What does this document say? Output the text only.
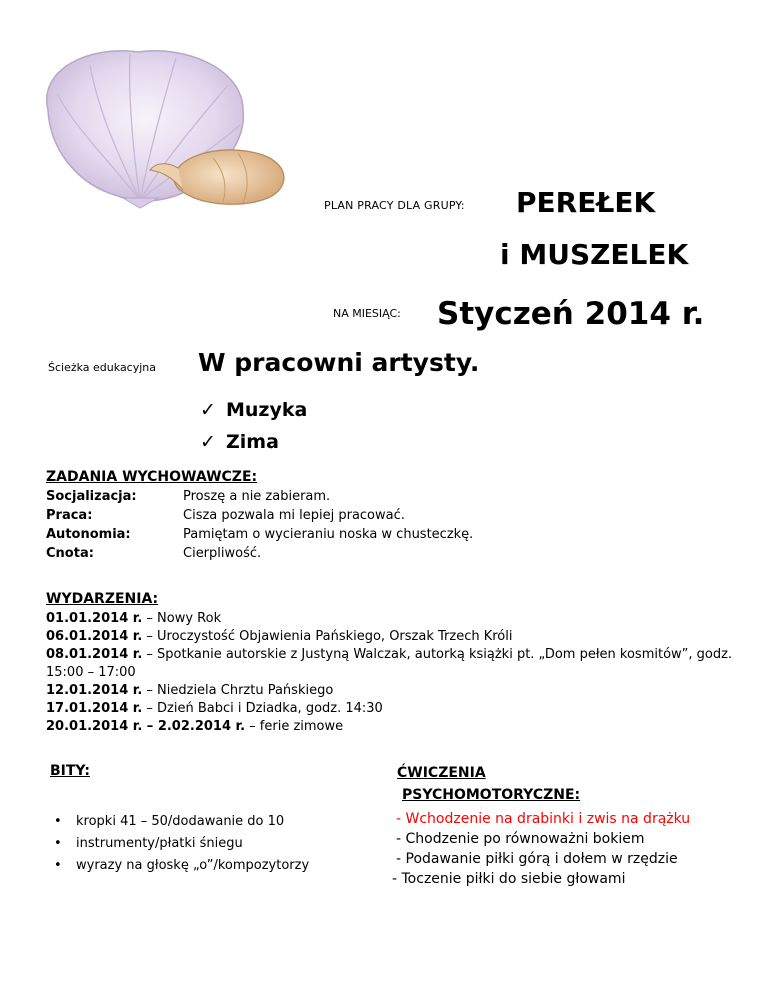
PLAN PRACY DLA GRUPY: PEREŁEK
i MUSZELEK
NA MIESIĄC: Styczeń 2014 r.
Ścieżka edukacyjna W pracowni artysty.
✓ Muzyka
✓ Zima
ZADANIA WYCHOWAWCZE:
Socjalizacja:	Proszę a nie zabieram.
Praca:	Cisza pozwala mi lepiej pracować.
Autonomia:	Pamiętam o wycieraniu noska w chusteczkę.
Cnota:	Cierpliwość.
WYDARZENIA:
01.01.2014 r. – Nowy Rok
06.01.2014 r. – Uroczystość Objawienia Pańskiego, Orszak Trzech Króli
08.01.2014 r. – Spotkanie autorskie z Justyną Walczak, autorką książki pt. „Dom pełen kosmitów”, godz. 15:00 – 17:00
12.01.2014 r. – Niedziela Chrztu Pańskiego
17.01.2014 r. – Dzień Babci i Dziadka, godz. 14:30
20.01.2014 r. – 2.02.2014 r. – ferie zimowe
BITY:
• kropki 41 – 50/dodawanie do 10
• instrumenty/płatki śniegu
• wyrazy na głoskę „o”/kompozytorzy
ĆWICZENIA
PSYCHOMOTORYCZNE:
- Wchodzenie na drabinki i zwis na drążku
- Chodzenie po równoważni bokiem
- Podawanie piłki górą i dołem w rzędzie
- Toczenie piłki do siebie głowami
